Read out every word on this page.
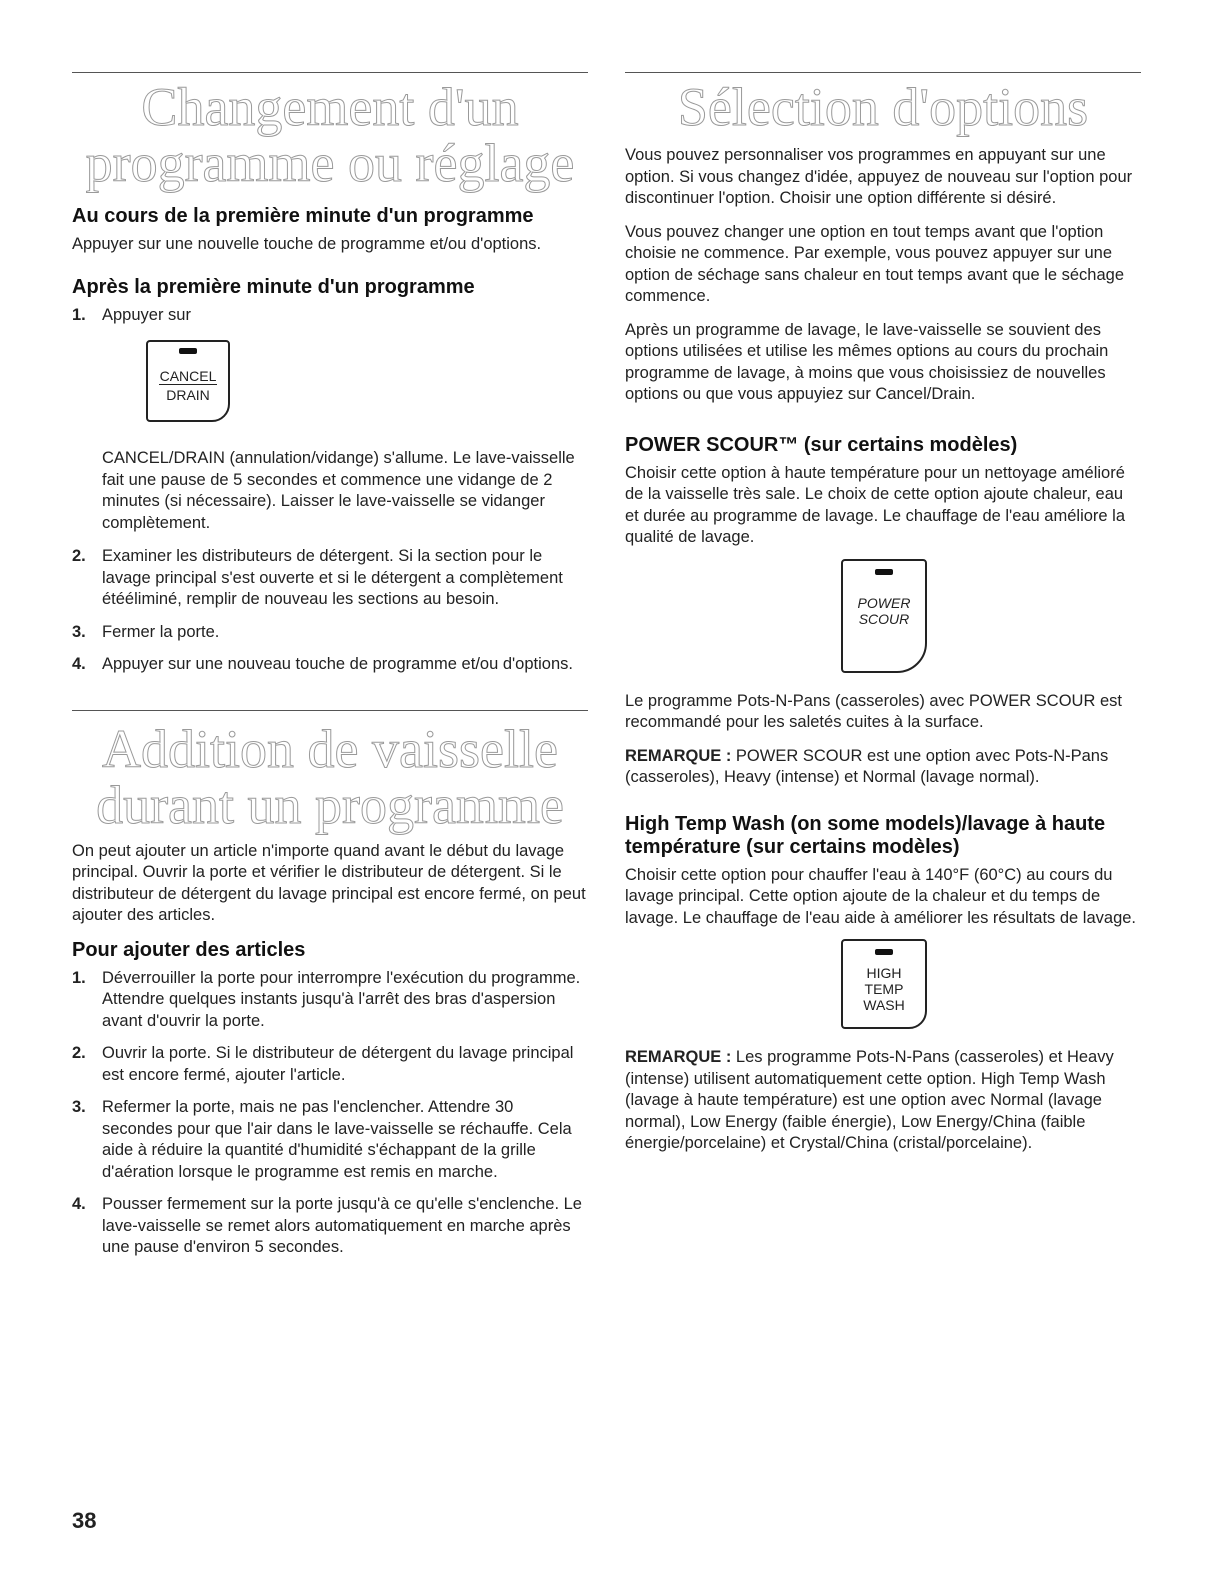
Changement d'un
programme ou réglage
Au cours de la première minute d'un programme

Appuyer sur une nouvelle touche de programme et/ou d'options.

Après la première minute d'un programme
1. Appuyer sur
CANCEL
DRAIN

CANCEL/DRAIN (annulation/vidange) s'allume. Le lave-vaisselle fait une pause de 5 secondes et commence une vidange de 2 minutes (si nécessaire). Laisser le lave-vaisselle se vidanger complètement.

2. Examiner les distributeurs de détergent. Si la section pour le lavage principal s'est ouverte et si le détergent a complètement étééliminé, remplir de nouveau les sections au besoin.
3. Fermer la porte.
4. Appuyer sur une nouveau touche de programme et/ou d'options.
Addition de vaisselle
durant un programme

On peut ajouter un article n'importe quand avant le début du lavage principal. Ouvrir la porte et vérifier le distributeur de détergent. Si le distributeur de détergent du lavage principal est encore fermé, on peut ajouter des articles.

Pour ajouter des articles
1. Déverrouiller la porte pour interrompre l'exécution du programme. Attendre quelques instants jusqu'à l'arrêt des bras d'aspersion avant d'ouvrir la porte.
2. Ouvrir la porte. Si le distributeur de détergent du lavage principal est encore fermé, ajouter l'article.
3. Refermer la porte, mais ne pas l'enclencher. Attendre 30 secondes pour que l'air dans le lave-vaisselle se réchauffe. Cela aide à réduire la quantité d'humidité s'échappant de la grille d'aération lorsque le programme est remis en marche.
4. Pousser fermement sur la porte jusqu'à ce qu'elle s'enclenche. Le lave-vaisselle se remet alors automatiquement en marche après une pause d'environ 5 secondes.
Sélection d'options

Vous pouvez personnaliser vos programmes en appuyant sur une option. Si vous changez d'idée, appuyez de nouveau sur l'option pour discontinuer l'option. Choisir une option différente si désiré.

Vous pouvez changer une option en tout temps avant que l'option choisie ne commence. Par exemple, vous pouvez appuyer sur une option de séchage sans chaleur en tout temps avant que le séchage commence.

Après un programme de lavage, le lave-vaisselle se souvient des options utilisées et utilise les mêmes options au cours du prochain programme de lavage, à moins que vous choisissiez de nouvelles options ou que vous appuyiez sur Cancel/Drain.

POWER SCOUR™ (sur certains modèles)

Choisir cette option à haute température pour un nettoyage amélioré de la vaisselle très sale. Le choix de cette option ajoute chaleur, eau et durée au programme de lavage. Le chauffage de l'eau améliore la qualité de lavage.

POWER
SCOUR

Le programme Pots-N-Pans (casseroles) avec POWER SCOUR est recommandé pour les saletés cuites à la surface.

REMARQUE : POWER SCOUR est une option avec Pots-N-Pans (casseroles), Heavy (intense) et Normal (lavage normal).

High Temp Wash (on some models)/lavage à haute température (sur certains modèles)

Choisir cette option pour chauffer l'eau à 140°F (60°C) au cours du lavage principal. Cette option ajoute de la chaleur et du temps de lavage. Le chauffage de l'eau aide à améliorer les résultats de lavage.

HIGH
TEMP
WASH

REMARQUE : Les programme Pots-N-Pans (casseroles) et Heavy (intense) utilisent automatiquement cette option. High Temp Wash (lavage à haute température) est une option avec Normal (lavage normal), Low Energy (faible énergie), Low Energy/China (faible énergie/porcelaine) et Crystal/China (cristal/porcelaine).

38
